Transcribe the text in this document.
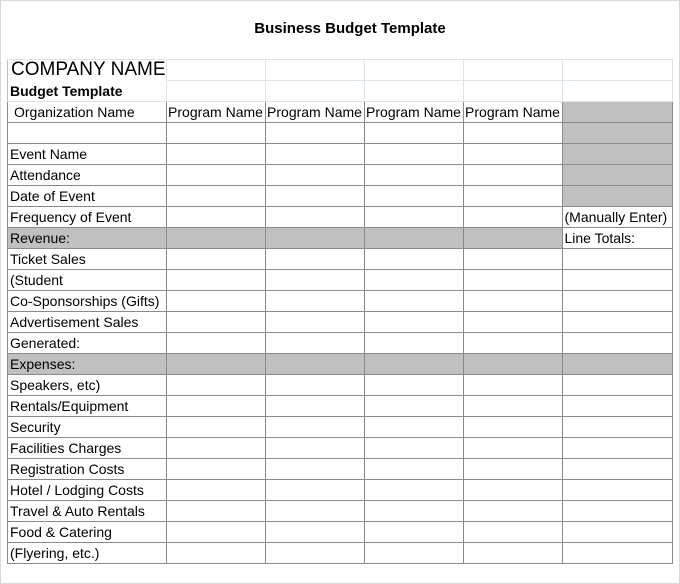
Business Budget Template
COMPANY NAME					
Budget Template					
Organization Name	Program Name	Program Name	Program Name	Program Name	

Event Name					
Attendance					
Date of Event					
Frequency of Event					(Manually Enter)
Revenue:					Line Totals:
Ticket Sales					
(Student					
Co-Sponsorships (Gifts)					
Advertisement Sales					
Generated:					
Expenses:					
Speakers, etc)					
Rentals/Equipment					
Security					
Facilities Charges					
Registration Costs					
Hotel / Lodging Costs					
Travel & Auto Rentals					
Food & Catering					
(Flyering, etc.)					
